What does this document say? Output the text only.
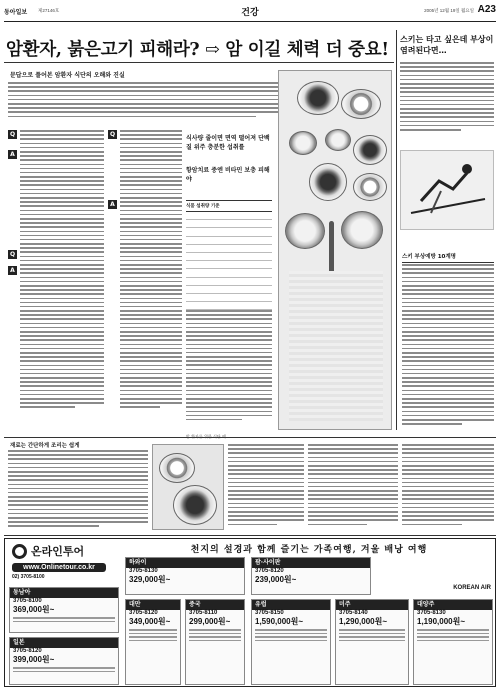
동아일보 제27146호	건강	2005년 12월 19일 월요일 A23
암환자, 붉은고기 피해라? ⇨ 암 이길 체력 더 중요!
스키는 타고 싶은데 부상이 염려된다면…
문답으로 풀어본 암환자 식단의 오해와 진실
Q
A
Q
A
Q
A
식사량 줄이면 면역 떨어져 단백질 위주 충분한 섭취를
항암치료 중엔 비타민 보충 피해야
식품 섭취량 기준
암 환자를 위한 식단 예
스키 부상예방 10계명
재료는 간단하게 조리는 쉽게
온라인투어
www.Onlinetour.co.kr
02) 3705-8100
천지의 설경과 함께 즐기는 가족여행, 겨울 배낭 여행
KOREAN AIR
동남아
3705-8100
369,000원~
하와이
3705-8130
329,000원~
괌·사이판
3705-8120
239,000원~
일본
3705-8120
399,000원~
대만
3705-8120
349,000원~
중국
3705-8110
299,000원~
유럽
3705-8150
1,590,000원~
미주
3705-8140
1,290,000원~
대양주
3705-8130
1,190,000원~
